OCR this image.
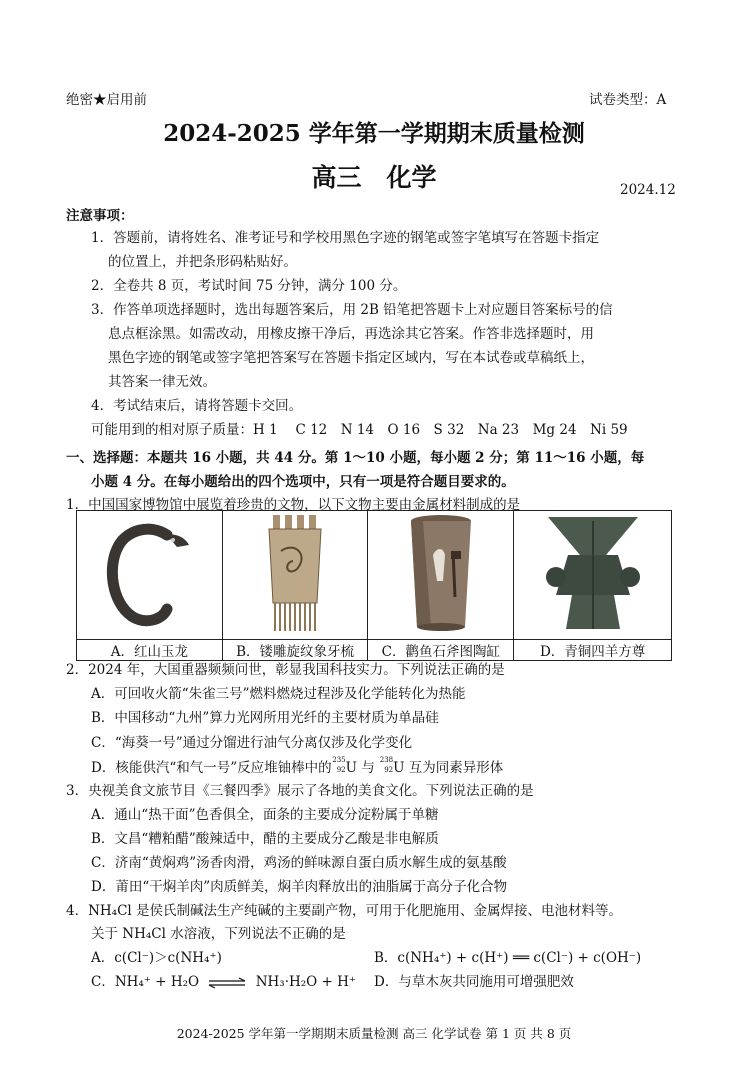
绝密★启用前	试卷类型：A
2024-2025 学年第一学期期末质量检测
高三　化学	2024.12
注意事项：
1．答题前，请将姓名、准考证号和学校用黑色字迹的钢笔或签字笔填写在答题卡指定
的位置上，并把条形码粘贴好。
2．全卷共 8 页，考试时间 75 分钟，满分 100 分。
3．作答单项选择题时，选出每题答案后，用 2B 铅笔把答题卡上对应题目答案标号的信
息点框涂黑。如需改动，用橡皮擦干净后，再选涂其它答案。作答非选择题时，用
黑色字迹的钢笔或签字笔把答案写在答题卡指定区域内，写在本试卷或草稿纸上，
其答案一律无效。
4．考试结束后，请将答题卡交回。
可能用到的相对原子质量：H 1　 C 12　N 14　O 16　S 32　Na 23　Mg 24　Ni 59
一、选择题：本题共 16 小题，共 44 分。第 1～10 小题，每小题 2 分；第 11～16 小题，每
小题 4 分。在每小题给出的四个选项中，只有一项是符合题目要求的。
1．中国国家博物馆中展览着珍贵的文物，以下文物主要由金属材料制成的是

A．红山玉龙	B．镂雕旋纹象牙梳	C．鹳鱼石斧图陶缸	D．青铜四羊方尊
2．2024 年，大国重器频频问世，彰显我国科技实力。下列说法正确的是
A．可回收火箭“朱雀三号”燃料燃烧过程涉及化学能转化为热能
B．中国移动“九州”算力光网所用光纤的主要材质为单晶硅
C．“海葵一号”通过分馏进行油气分离仅涉及化学变化
D．核能供汽“和气一号”反应堆铀棒中的 235
92 U 与 238
92 U 互为同素异形体
3．央视美食文旅节目《三餐四季》展示了各地的美食文化。下列说法正确的是
A．通山“热干面”色香俱全，面条的主要成分淀粉属于单糖
B．文昌“糟粕醋”酸辣适中，醋的主要成分乙酸是非电解质
C．济南“黄焖鸡”汤香肉滑，鸡汤的鲜味源自蛋白质水解生成的氨基酸
D．莆田“干焖羊肉”肉质鲜美，焖羊肉释放出的油脂属于高分子化合物
4．NH₄Cl 是侯氏制碱法生产纯碱的主要副产物，可用于化肥施用、金属焊接、电池材料等。
关于 NH₄Cl 水溶液，下列说法不正确的是
A．c(Cl⁻)＞c(NH₄⁺)	B．c(NH₄⁺) + c(H⁺) ══ c(Cl⁻) + c(OH⁻)
C．NH₄⁺ + H₂O ⇌ NH₃·H₂O + H⁺ D．与草木灰共同施用可增强肥效
2024-2025 学年第一学期期末质量检测 高三 化学试卷 第 1 页 共 8 页
